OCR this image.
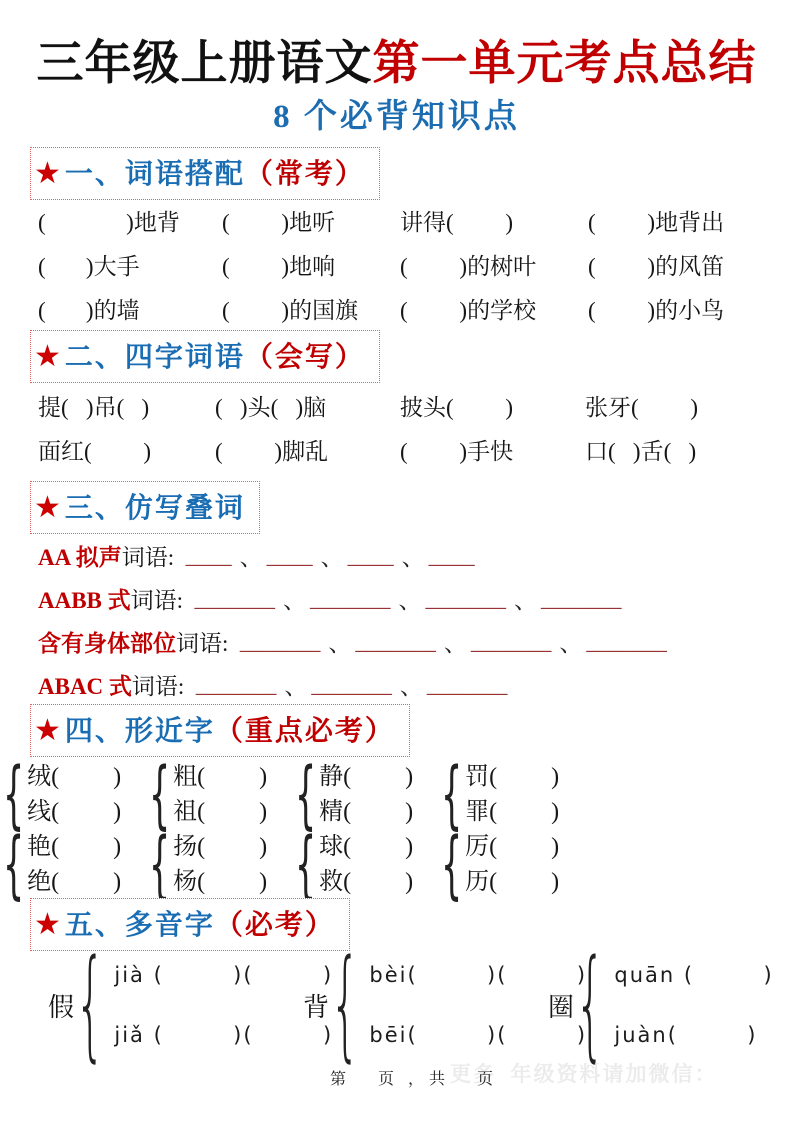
三年级上册语文第一单元考点总结
8 个必背知识点
★一、词语搭配（常考）
(              )地背	(         )地听	讲得(         )	(         )地背出
(       )大手	(         )地响	(         )的树叶	(         )的风笛
(       )的墙	(         )的国旗	(         )的学校	(         )的小鸟
★二、四字词语（会写）
提(   )吊(   )	(   )头(   )脑	披头(         )	张牙(         )
面红(         )	(         )脚乱	(         )手快	口(   )舌(   )
★三、仿写叠词
AA 拟声 词语: ____ 、 ____ 、 ____ 、 ____
AABB 式 词语: _______ 、 _______ 、 _______ 、 _______
含有身体部位 词语: _______ 、 _______ 、 _______ 、 _______
ABAC 式 词语: _______ 、 _______ 、 _______
★四、形近字（重点必考）
{
绒(         )
线(         )
{
粗(         )
祖(         )
{
静(         )
精(         )
{
罚(         )
罪(         )
{
艳(         )
绝(         )
{
扬(         )
杨(         )
{
球(         )
救(         )
{
厉(         )
历(         )
★五、多音字（必考）
假
{
jià (        )(        )
jiǎ (        )(        )
背
{
bèi(        )(        )
bēi(        )(        )
圈
{
quān (        )
juàn(        )
更多  年级资料请加微信：
第   页 ，共   页
